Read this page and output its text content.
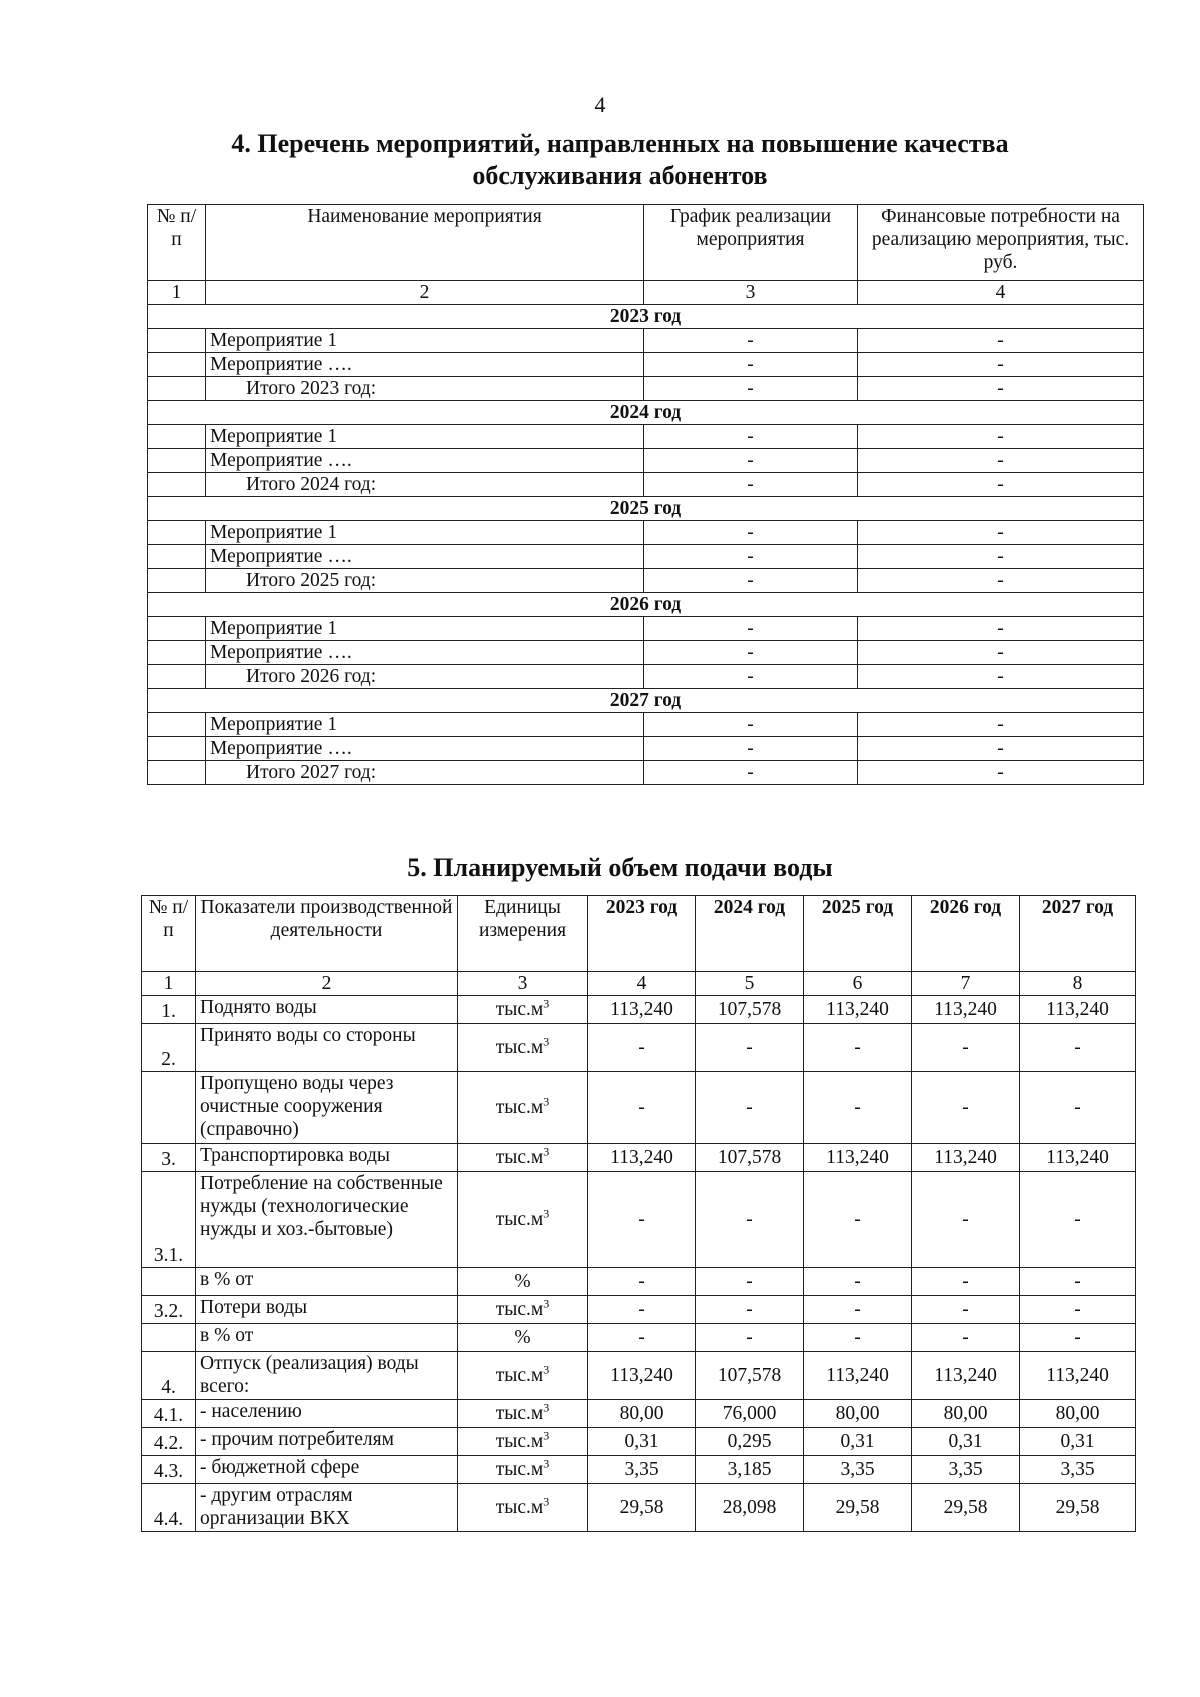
4
4. Перечень мероприятий, направленных на повышение качества
обслуживания абонентов
№ п/п	Наименование мероприятия	График реализации мероприятия	Финансовые потребности на реализацию мероприятия, тыс. руб.
1	2	3	4
2023 год			
	Мероприятие 1	-	-
	Мероприятие ….	-	-
	Итого 2023 год:	-	-
2024 год			
	Мероприятие 1	-	-
	Мероприятие ….	-	-
	Итого 2024 год:	-	-
2025 год			
	Мероприятие 1	-	-
	Мероприятие ….	-	-
	Итого 2025 год:	-	-
2026 год			
	Мероприятие 1	-	-
	Мероприятие ….	-	-
	Итого 2026 год:	-	-
2027 год			
	Мероприятие 1	-	-
	Мероприятие ….	-	-
	Итого 2027 год:	-	-
5. Планируемый объем подачи воды
№ п/п	Показатели производственной деятельности	Единицы измерения	2023 год	2024 год	2025 год	2026 год	2027 год
1	2	3	4	5	6	7	8
1.	Поднято воды	$тыс.м^3$	113,240	107,578	113,240	113,240	113,240
2.	Принято воды со стороны	$тыс.м^3$	-	-	-	-	-
	Пропущено воды через очистные сооружения (справочно)	$тыс.м^3$	-	-	-	-	-
3.	Транспортировка воды	$тыс.м^3$	113,240	107,578	113,240	113,240	113,240
3.1.	Потребление на собственные нужды (технологические нужды и хоз.-бытовые)	$тыс.м^3$	-	-	-	-	-
	в % от	%	-	-	-	-	-
3.2.	Потери воды	$тыс.м^3$	-	-	-	-	-
	в % от	%	-	-	-	-	-
4.	Отпуск (реализация) воды всего:	$тыс.м^3$	113,240	107,578	113,240	113,240	113,240
4.1.	- населению	$тыс.м^3$	80,00	76,000	80,00	80,00	80,00
4.2.	- прочим потребителям	$тыс.м^3$	0,31	0,295	0,31	0,31	0,31
4.3.	- бюджетной сфере	$тыс.м^3$	3,35	3,185	3,35	3,35	3,35
4.4.	- другим отраслям организации ВКХ	$тыс.м^3$	29,58	28,098	29,58	29,58	29,58
